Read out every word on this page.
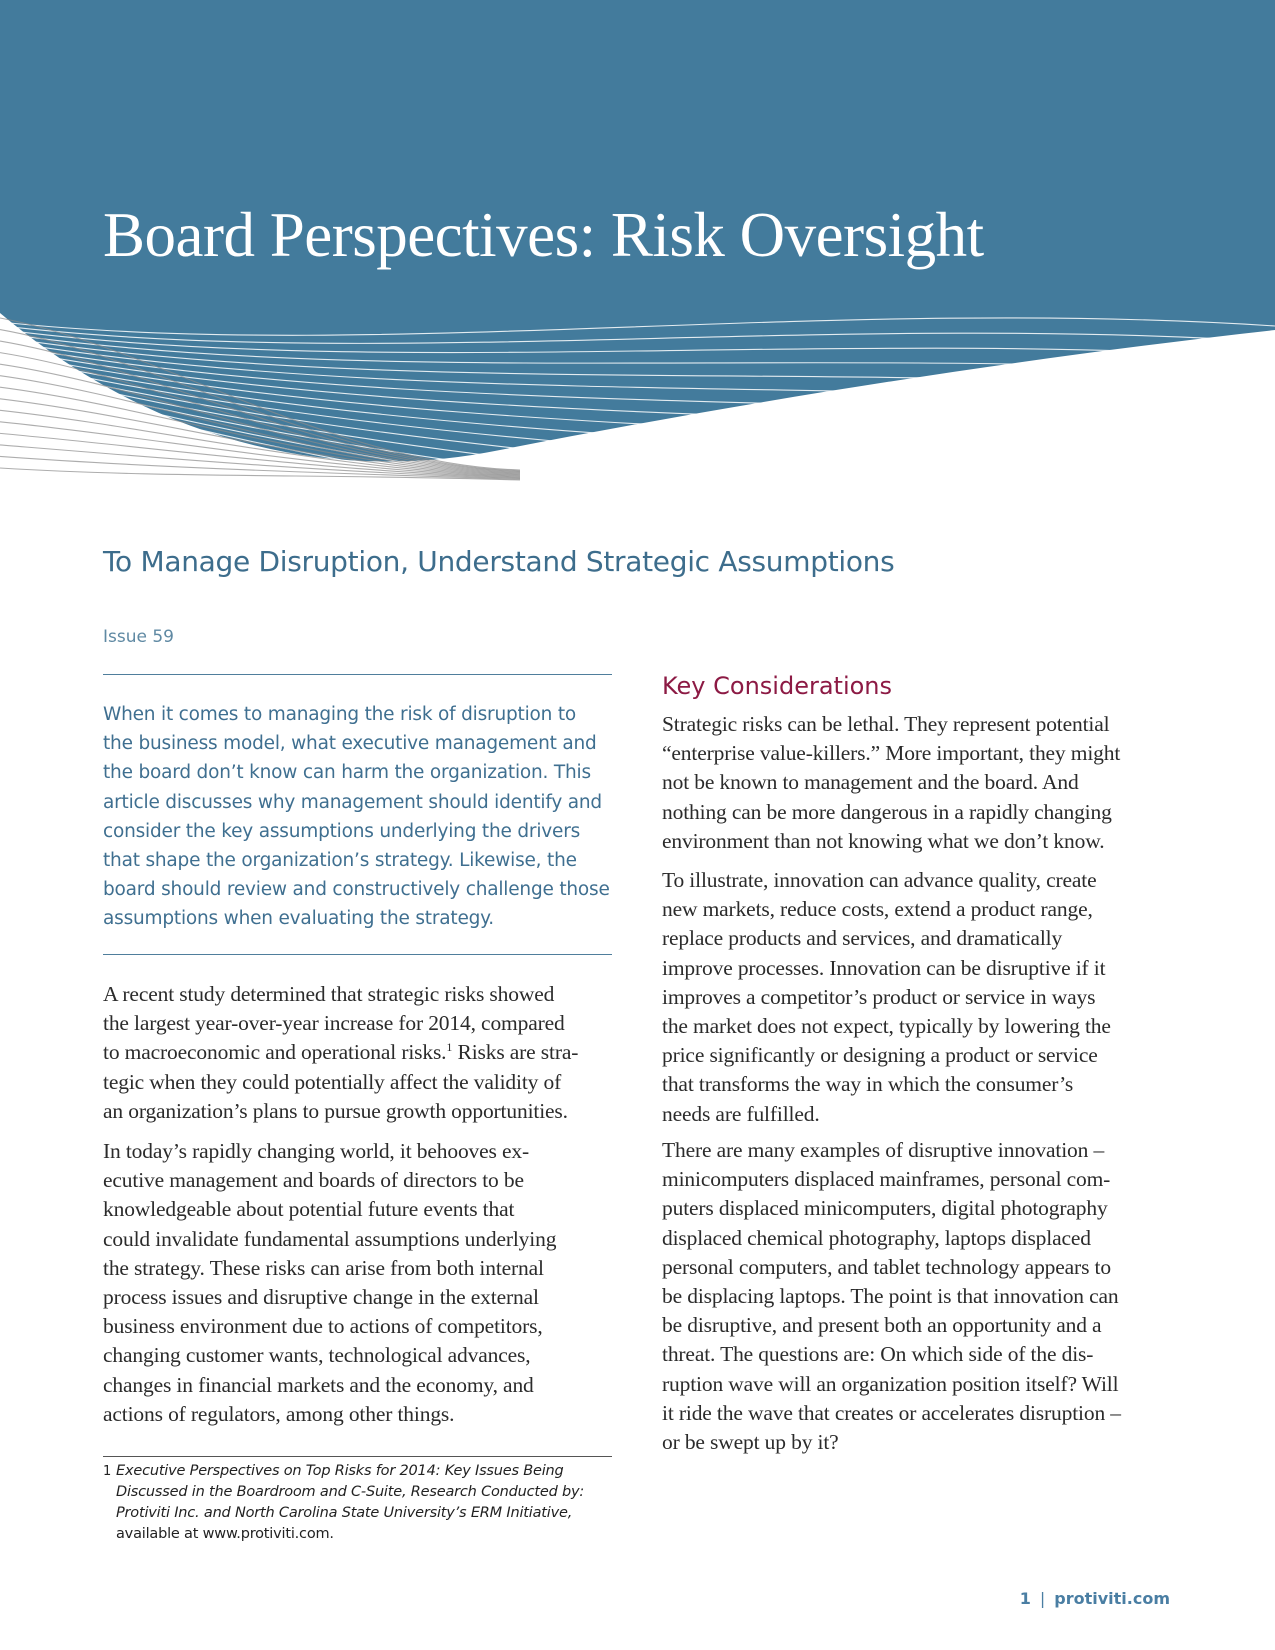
Board Perspectives: Risk Oversight
To Manage Disruption, Understand Strategic Assumptions
Issue 59

When it comes to managing the risk of disruption to
the business model, what executive management and
the board don’t know can harm the organization. This
article discusses why management should identify and
consider the key assumptions underlying the drivers
that shape the organization’s strategy. Likewise, the
board should review and constructively challenge those
assumptions when evaluating the strategy.

A recent study determined that strategic risks showed
the largest year-over-year increase for 2014, compared
to macroeconomic and operational risks.$^1$ Risks are stra-
tegic when they could potentially affect the validity of
an organization’s plans to pursue growth opportunities.

In today’s rapidly changing world, it behooves ex-
ecutive management and boards of directors to be
knowledgeable about potential future events that
could invalidate fundamental assumptions underlying
the strategy. These risks can arise from both internal
process issues and disruptive change in the external
business environment due to actions of competitors,
changing customer wants, technological advances,
changes in financial markets and the economy, and
actions of regulators, among other things.

Key Considerations

Strategic risks can be lethal. They represent potential
“enterprise value-killers.” More important, they might
not be known to management and the board. And
nothing can be more dangerous in a rapidly changing
environment than not knowing what we don’t know.

To illustrate, innovation can advance quality, create
new markets, reduce costs, extend a product range,
replace products and services, and dramatically
improve processes. Innovation can be disruptive if it
improves a competitor’s product or service in ways
the market does not expect, typically by lowering the
price significantly or designing a product or service
that transforms the way in which the consumer’s
needs are fulfilled.

There are many examples of disruptive innovation –
minicomputers displaced mainframes, personal com-
puters displaced minicomputers, digital photography
displaced chemical photography, laptops displaced
personal computers, and tablet technology appears to
be displacing laptops. The point is that innovation can
be disruptive, and present both an opportunity and a
threat. The questions are: On which side of the dis-
ruption wave will an organization position itself? Will
it ride the wave that creates or accelerates disruption –
or be swept up by it?

1 Executive Perspectives on Top Risks for 2014: Key Issues Being
Discussed in the Boardroom and C-Suite, Research Conducted by:
Protiviti Inc. and North Carolina State University’s ERM Initiative,
available at www.protiviti.com.
1 | protiviti.com
